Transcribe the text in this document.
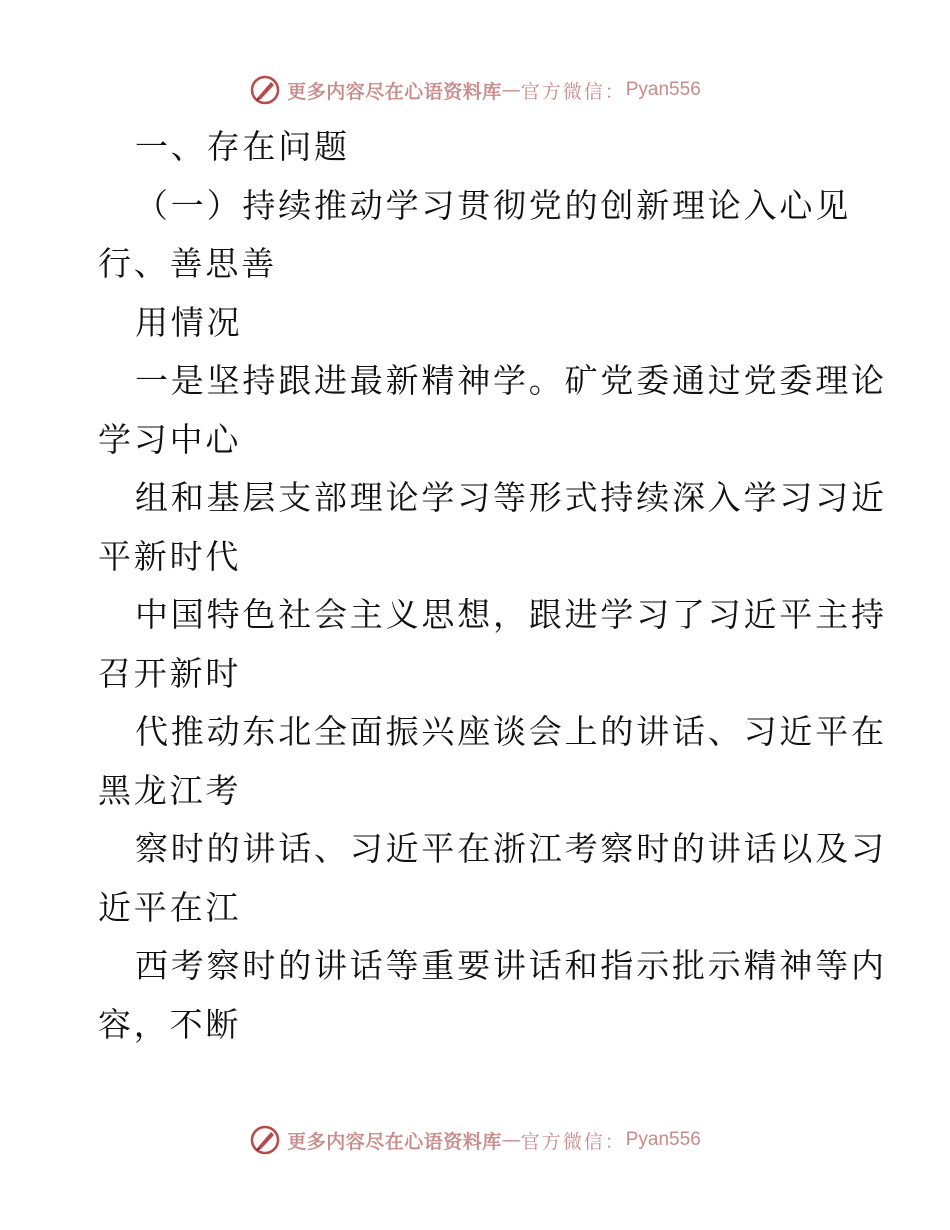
更多内容尽在心语资料库 — 官方微信： Pyan556
一、存在问题
（一）持续推动学习贯彻党的创新理论入心见
行、善思善
用情况
一是坚持跟进最新精神学。矿党委通过党委理论
学习中心
组和基层支部理论学习等形式持续深入学习习近
平新时代
中国特色社会主义思想，跟进学习了习近平主持
召开新时
代推动东北全面振兴座谈会上的讲话、习近平在
黑龙江考
察时的讲话、习近平在浙江考察时的讲话以及习
近平在江
西考察时的讲话等重要讲话和指示批示精神等内
容，不断
更多内容尽在心语资料库 — 官方微信： Pyan556
